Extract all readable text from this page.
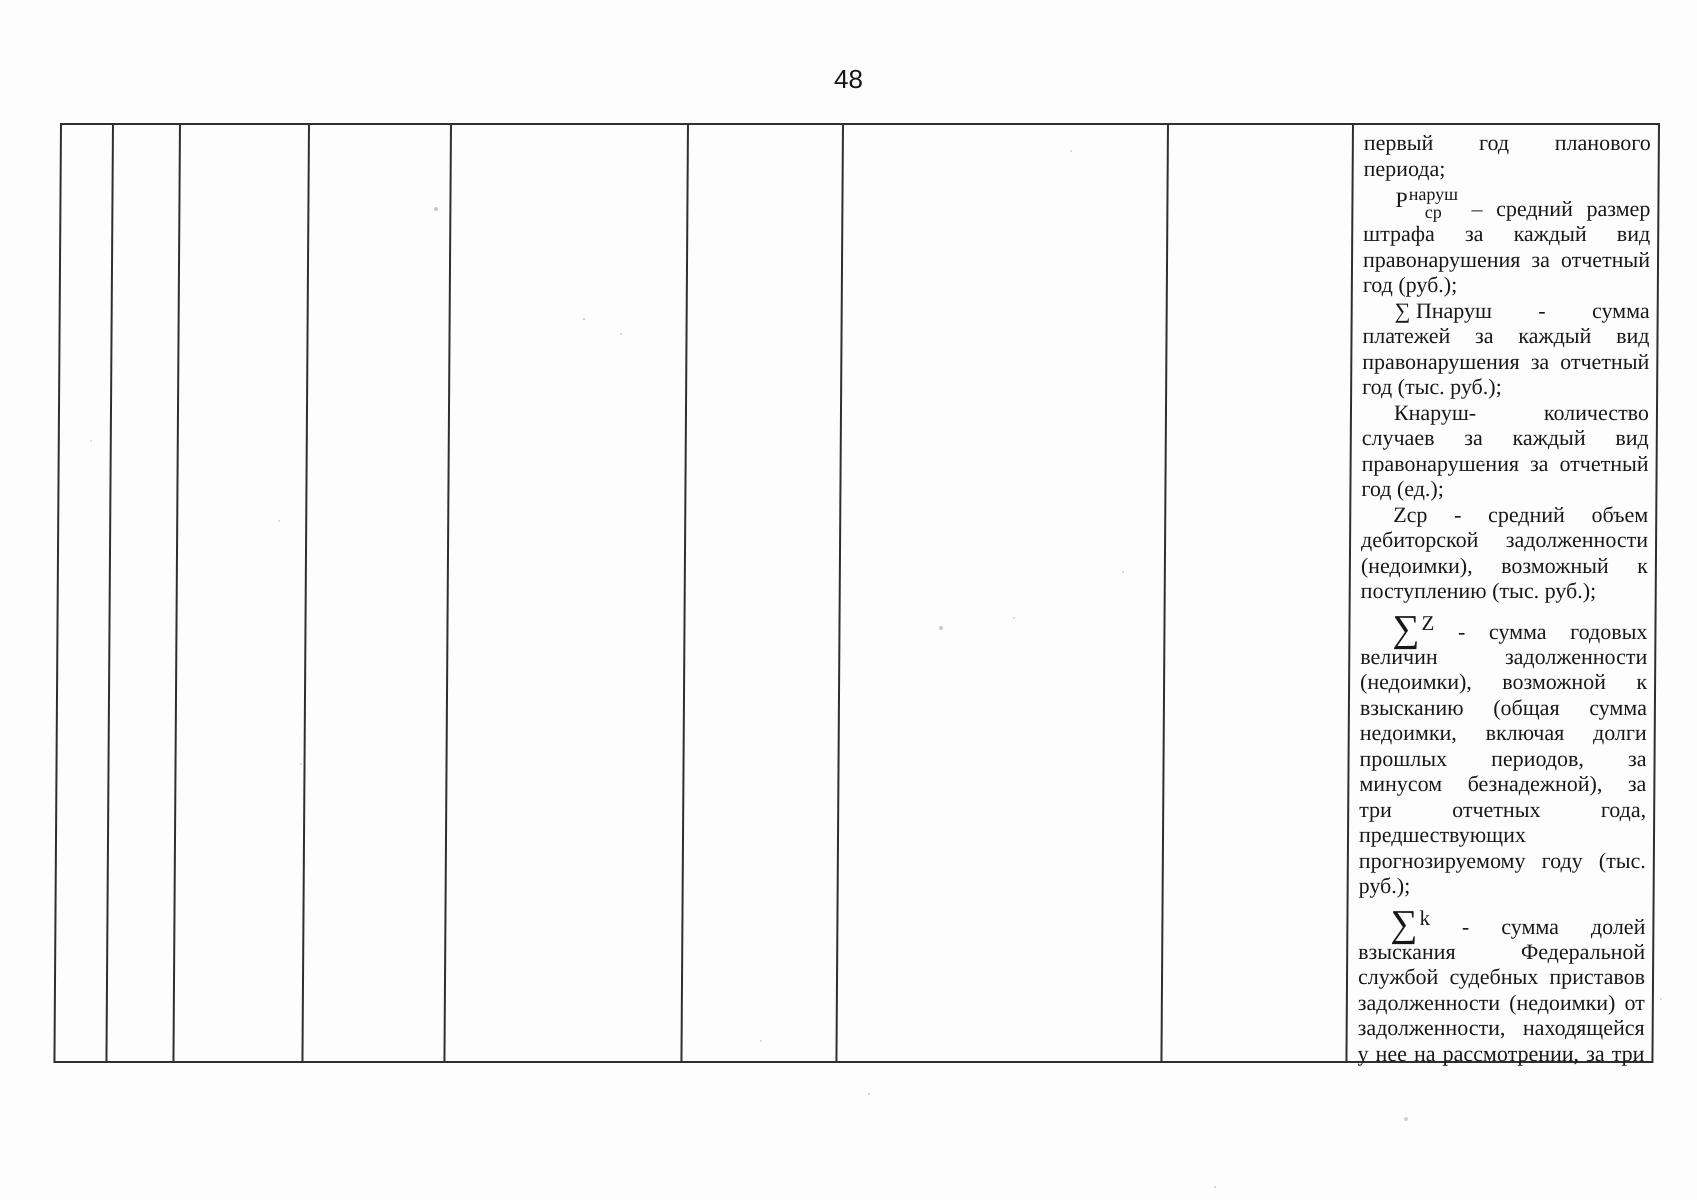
48
первый год планового
периода;
Р наруш
ср	– средний размер
штрафа за каждый вид
правонарушения за отчетный
год (руб.);
∑ Пнаруш - сумма
платежей за каждый вид
правонарушения за отчетный
год (тыс. руб.);
Кнаруш-	количество
случаев за каждый вид
правонарушения за отчетный
год (ед.);
Zср - средний объем
дебиторской задолженности
(недоимки), возможный к
поступлению (тыс. руб.);
∑ Z - сумма годовых
величин	задолженности
(недоимки), возможной к
взысканию (общая сумма
недоимки, включая долги
прошлых периодов, за
минусом безнадежной), за
три	отчетных	года,
предшествующих
прогнозируемому году (тыс.
руб.);
∑ k - сумма долей
взыскания	Федеральной
службой судебных приставов
задолженности (недоимки) от
задолженности, находящейся
у нее на рассмотрении, за три
